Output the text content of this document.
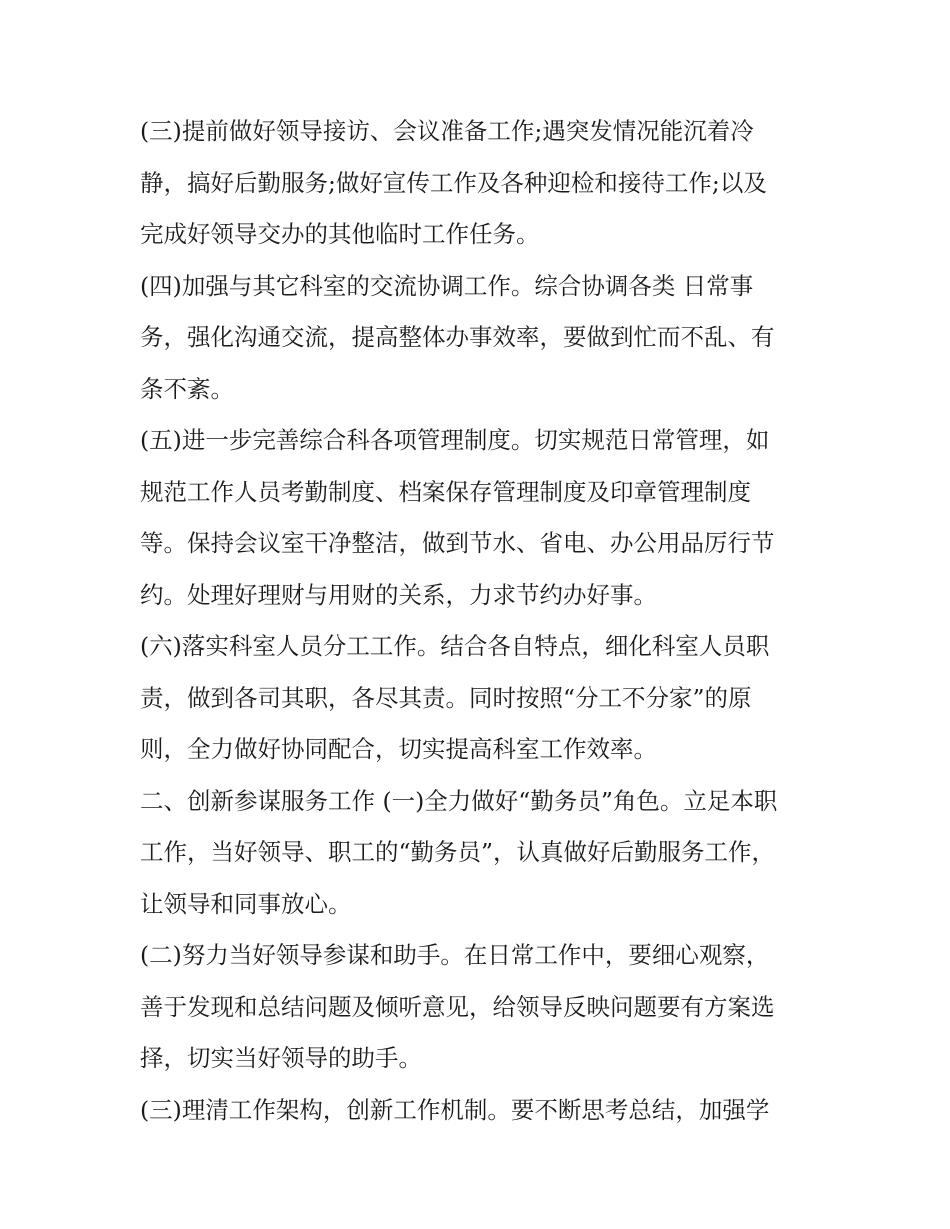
(三)提前做好领导接访、会议准备工作;遇突发情况能沉着冷
静，搞好后勤服务;做好宣传工作及各种迎检和接待工作;以及
完成好领导交办的其他临时工作任务。
(四)加强与其它科室的交流协调工作。综合协调各类 日常事
务，强化沟通交流，提高整体办事效率，要做到忙而不乱、有
条不紊。
(五)进一步完善综合科各项管理制度。切实规范日常管理，如
规范工作人员考勤制度、档案保存管理制度及印章管理制度
等。保持会议室干净整洁，做到节水、省电、办公用品厉行节
约。处理好理财与用财的关系，力求节约办好事。
(六)落实科室人员分工工作。结合各自特点，细化科室人员职
责，做到各司其职，各尽其责。同时按照“分工不分家”的原
则，全力做好协同配合，切实提高科室工作效率。
二、创新参谋服务工作 (一)全力做好“勤务员”角色。立足本职
工作，当好领导、职工的“勤务员”，认真做好后勤服务工作，
让领导和同事放心。
(二)努力当好领导参谋和助手。在日常工作中，要细心观察，
善于发现和总结问题及倾听意见，给领导反映问题要有方案选
择，切实当好领导的助手。
(三)理清工作架构，创新工作机制。要不断思考总结，加强学
